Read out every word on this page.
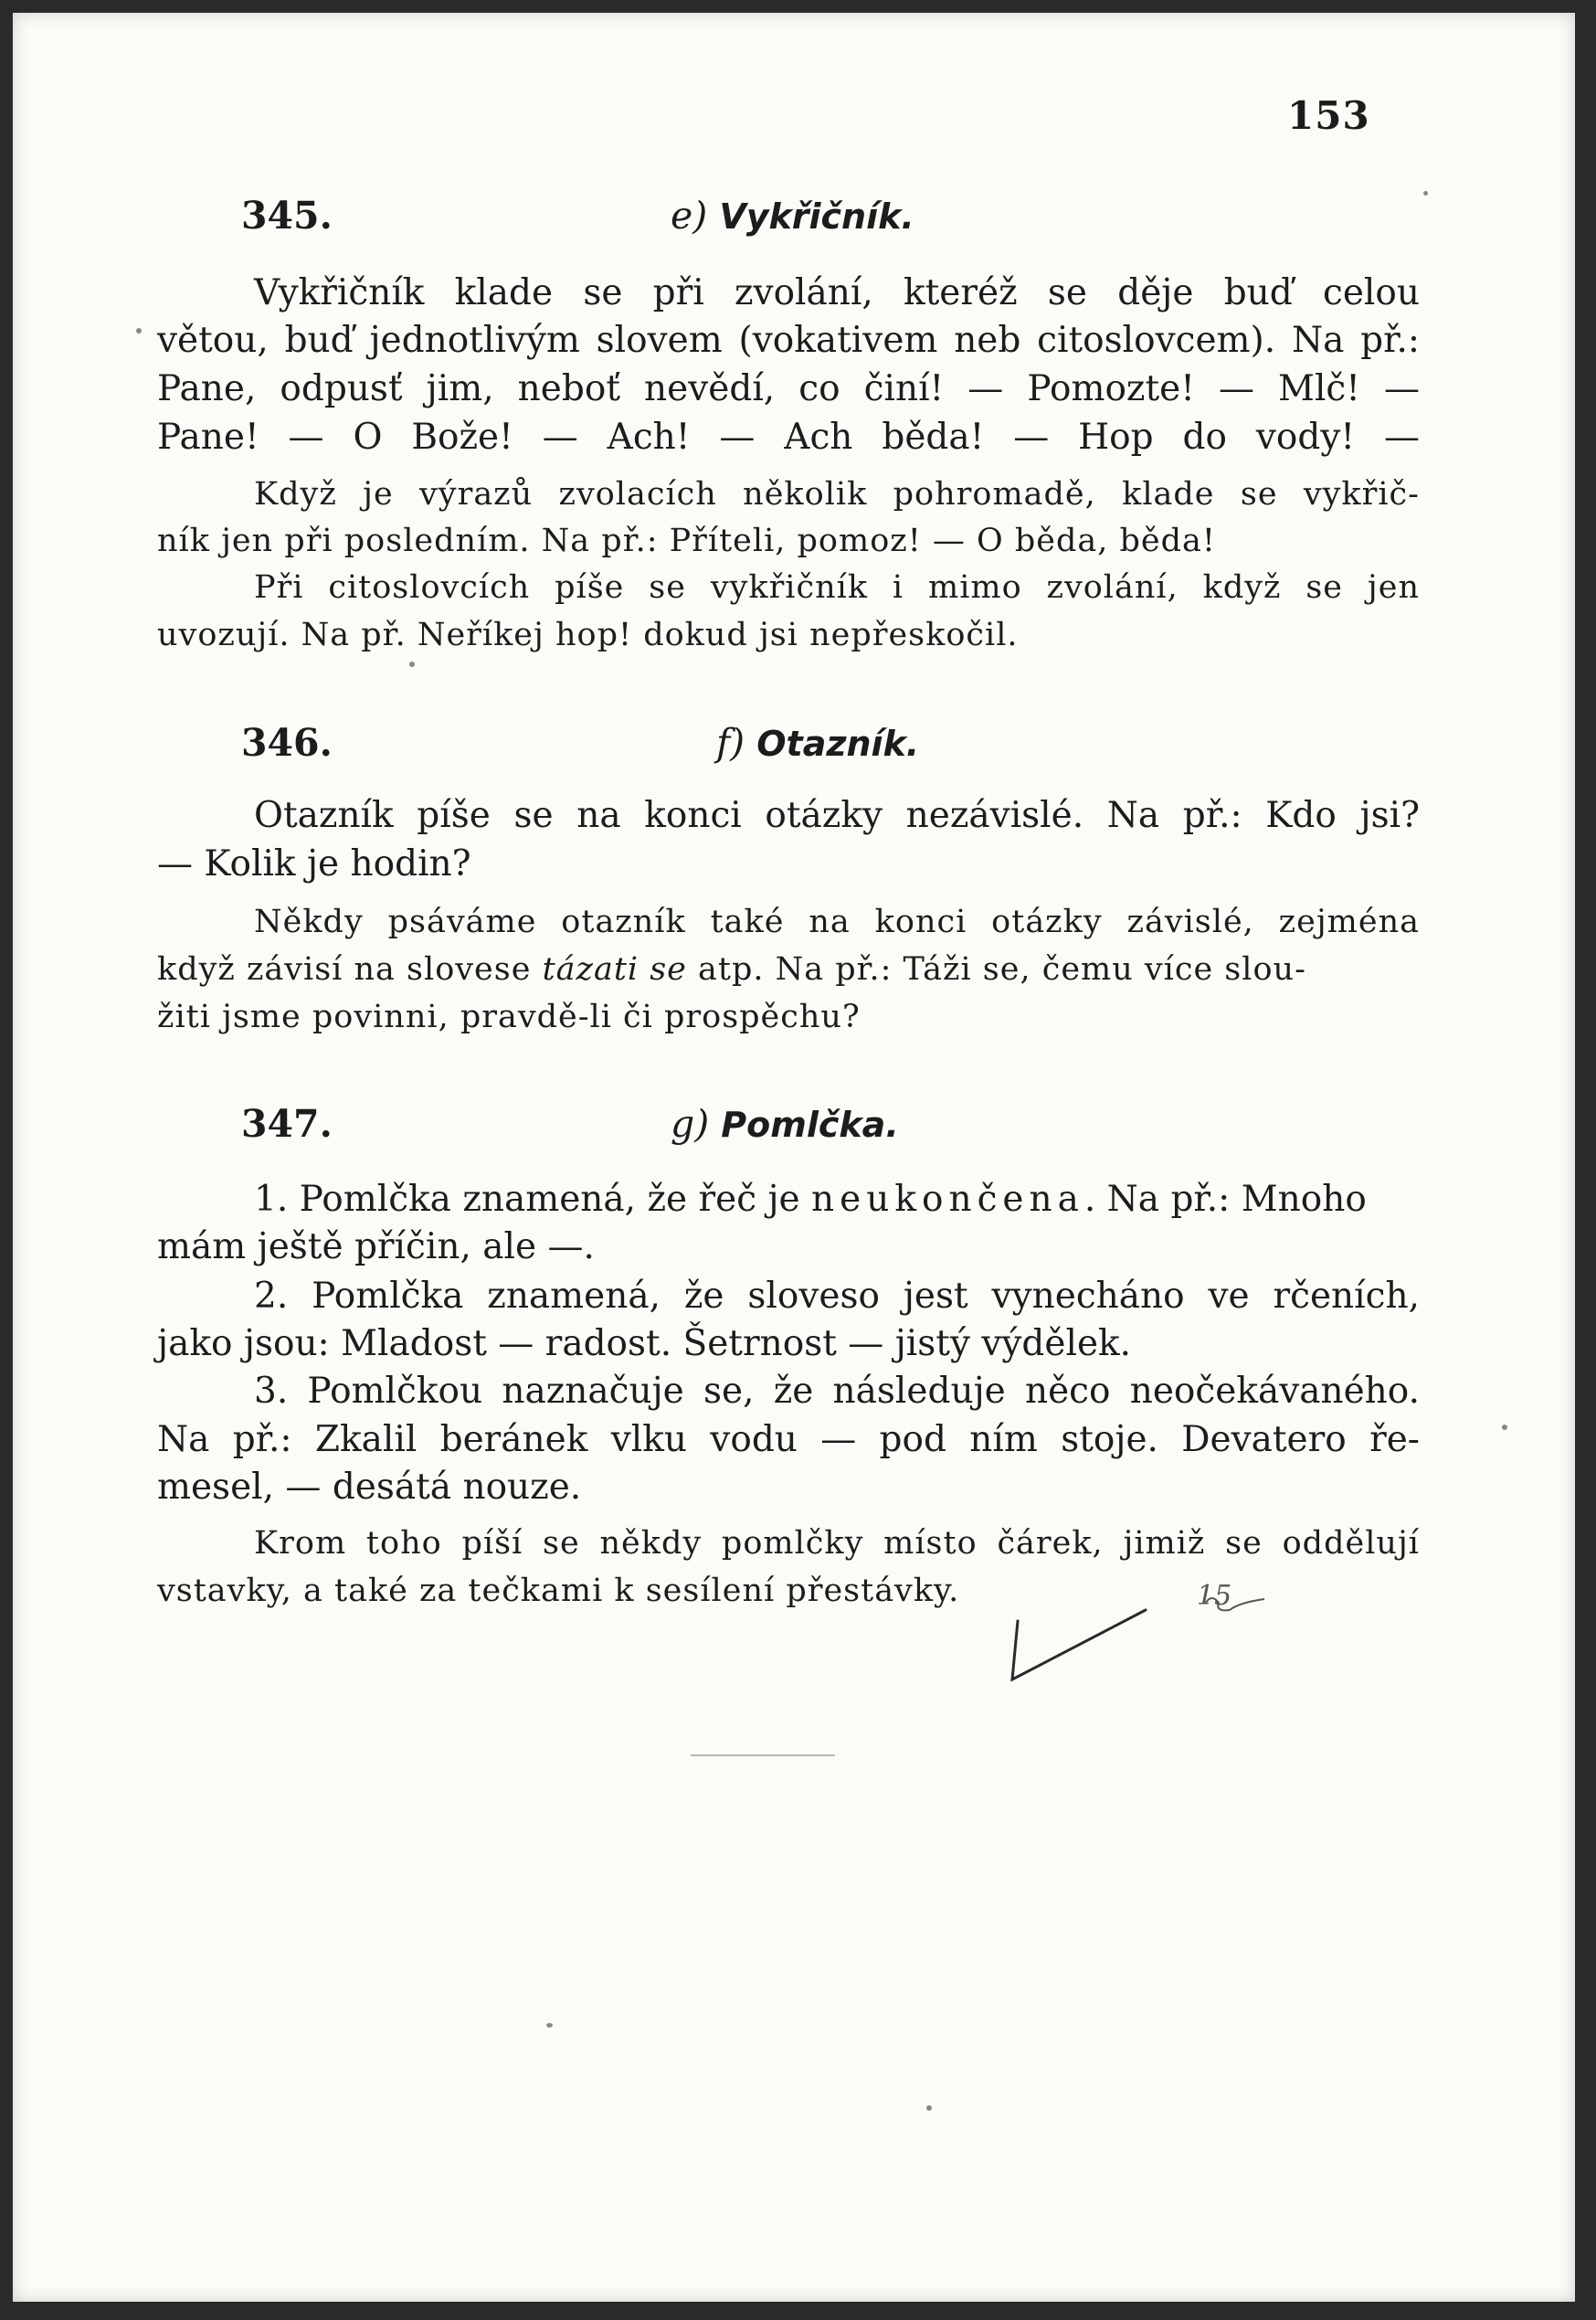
153
345.	e) Vykřičník.
Vykřičník klade se při zvolání, kteréž se děje buď celou
větou, buď jednotlivým slovem (vokativem neb citoslovcem). Na př.:
Pane, odpusť jim, neboť nevědí, co činí! — Pomozte! — Mlč! —
Pane! — O Bože! — Ach! — Ach běda! — Hop do vody! —
Když je výrazů zvolacích několik pohromadě, klade se vykřič-
ník jen při posledním. Na př.: Příteli, pomoz! — O běda, běda!
Při citoslovcích píše se vykřičník i mimo zvolání, když se jen
uvozují. Na př. Neříkej hop! dokud jsi nepřeskočil.
346.	f) Otazník.
Otazník píše se na konci otázky nezávislé. Na př.: Kdo jsi?
— Kolik je hodin?
Někdy psáváme otazník také na konci otázky závislé, zejména
když závisí na slovese tázati se atp. Na př.: Táži se, čemu více slou-
žiti jsme povinni, pravdě-li či prospěchu?
347.	g) Pomlčka.
1. Pomlčka znamená, že řeč je neukončena. Na př.: Mnoho
mám ještě příčin, ale —.
2. Pomlčka znamená, že sloveso jest vynecháno ve rčeních,
jako jsou: Mladost — radost. Šetrnost — jistý výdělek.
3. Pomlčkou naznačuje se, že následuje něco neočekávaného.
Na př.: Zkalil beránek vlku vodu — pod ním stoje. Devatero ře-
mesel, — desátá nouze.
Krom toho píší se někdy pomlčky místo čárek, jimiž se oddělují
vstavky, a také za tečkami k sesílení přestávky.	15
